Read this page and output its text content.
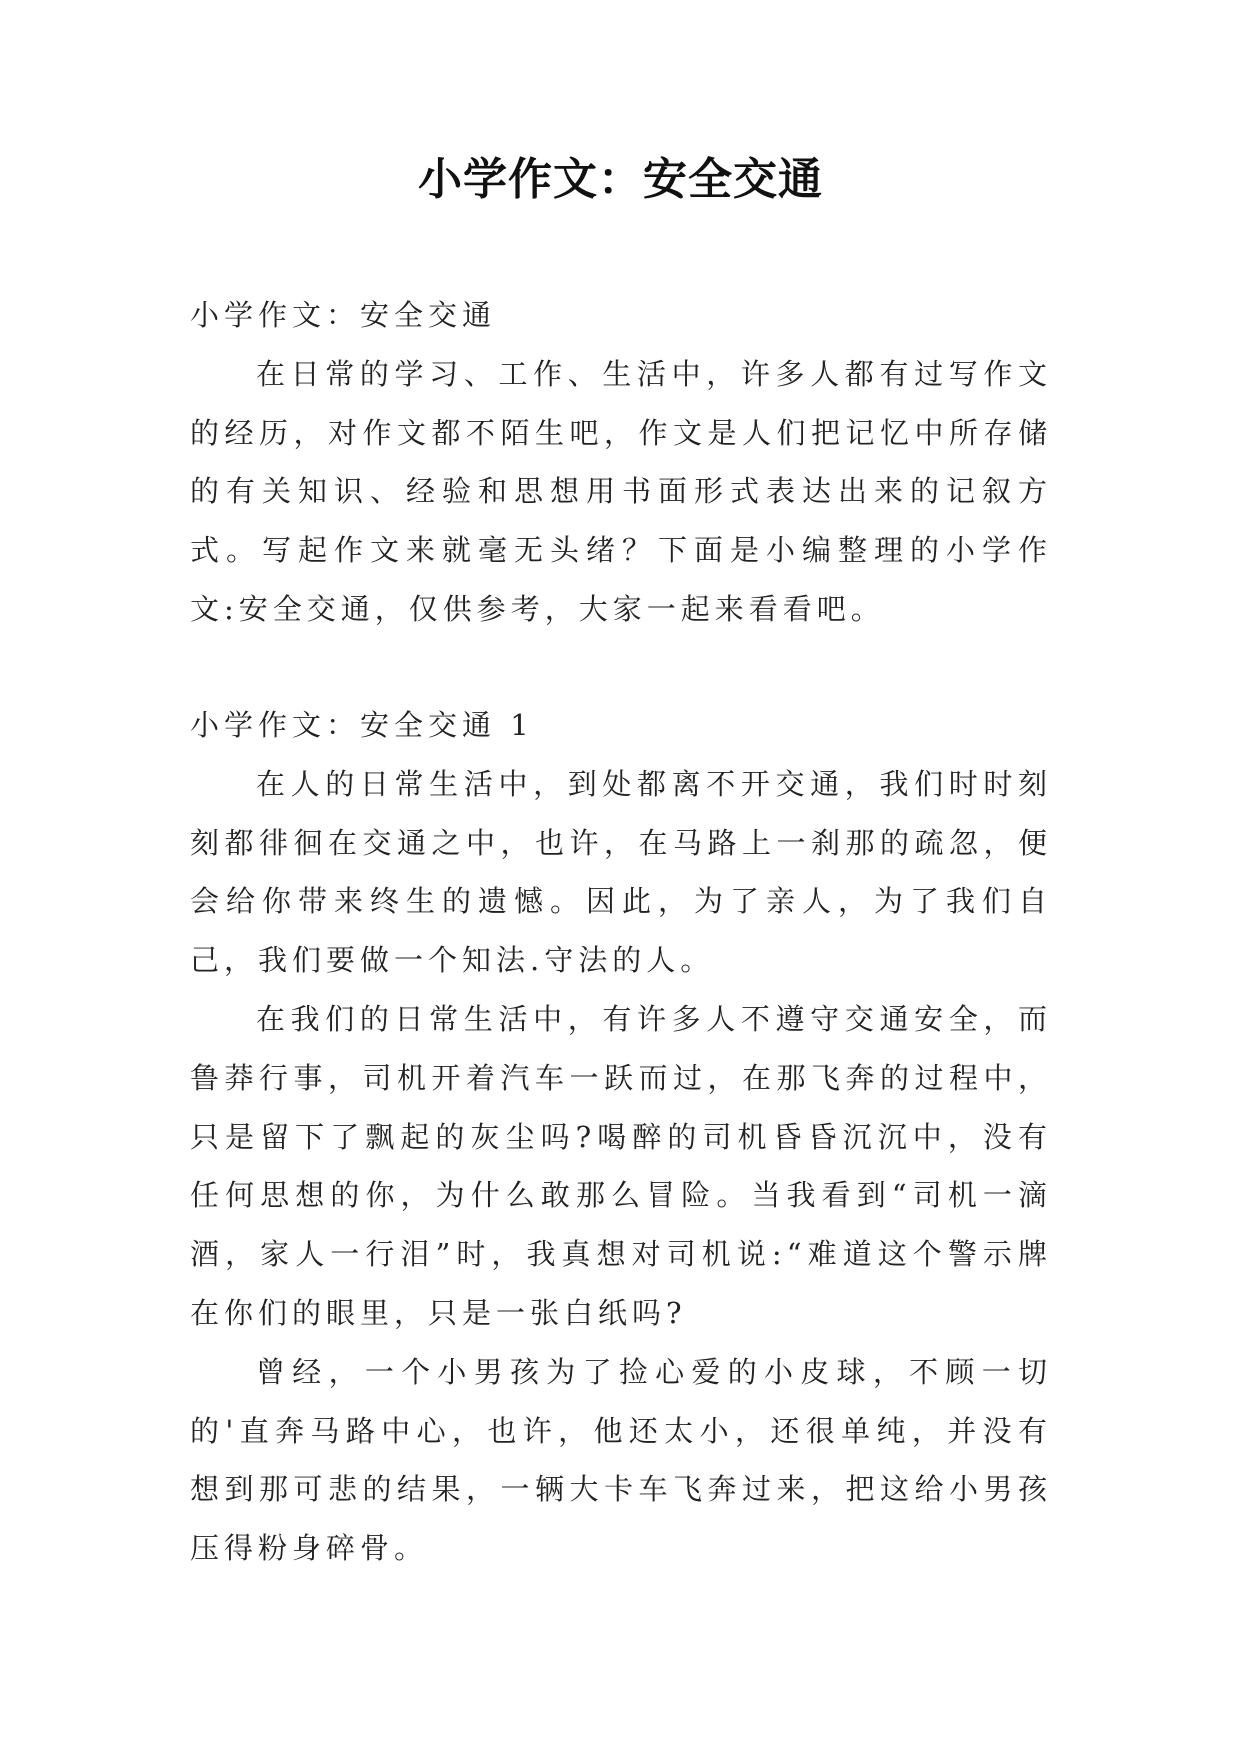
小学作文：安全交通

小学作文：安全交通

在日常的学习、工作、生活中，许多人都有过写作文的经历，对作文都不陌生吧，作文是人们把记忆中所存储的有关知识、经验和思想用书面形式表达出来的记叙方式。写起作文来就毫无头绪？下面是小编整理的小学作文:安全交通，仅供参考，大家一起来看看吧。

小学作文：安全交通 1

在人的日常生活中，到处都离不开交通，我们时时刻刻都徘徊在交通之中，也许，在马路上一刹那的疏忽，便会给你带来终生的遗憾。因此，为了亲人，为了我们自己，我们要做一个知法.守法的人。

在我们的日常生活中，有许多人不遵守交通安全，而鲁莽行事，司机开着汽车一跃而过，在那飞奔的过程中，只是留下了飘起的灰尘吗?喝醉的司机昏昏沉沉中，没有任何思想的你，为什么敢那么冒险。当我看到“司机一滴酒，家人一行泪”时，我真想对司机说:“难道这个警示牌在你们的眼里，只是一张白纸吗?

曾经，一个小男孩为了捡心爱的小皮球，不顾一切的'直奔马路中心，也许，他还太小，还很单纯，并没有想到那可悲的结果，一辆大卡车飞奔过来，把这给小男孩压得粉身碎骨。
